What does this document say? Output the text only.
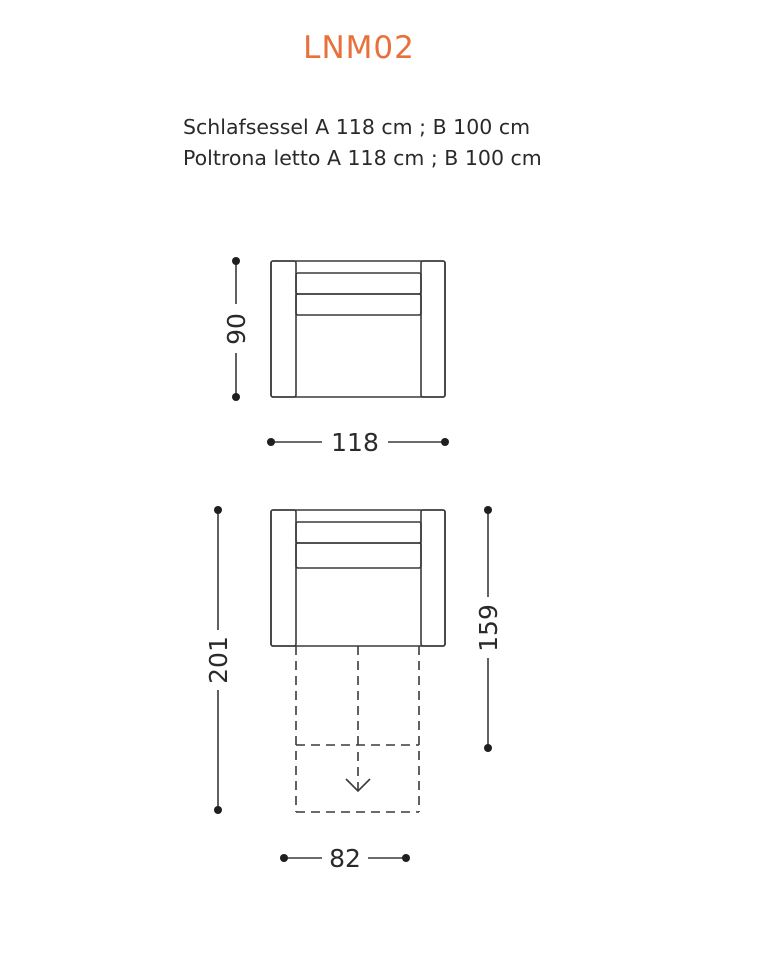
LNM02
Schlafsessel A 118 cm ; B 100 cm
Poltrona letto A 118 cm ; B 100 cm
90
118
201
159
82
